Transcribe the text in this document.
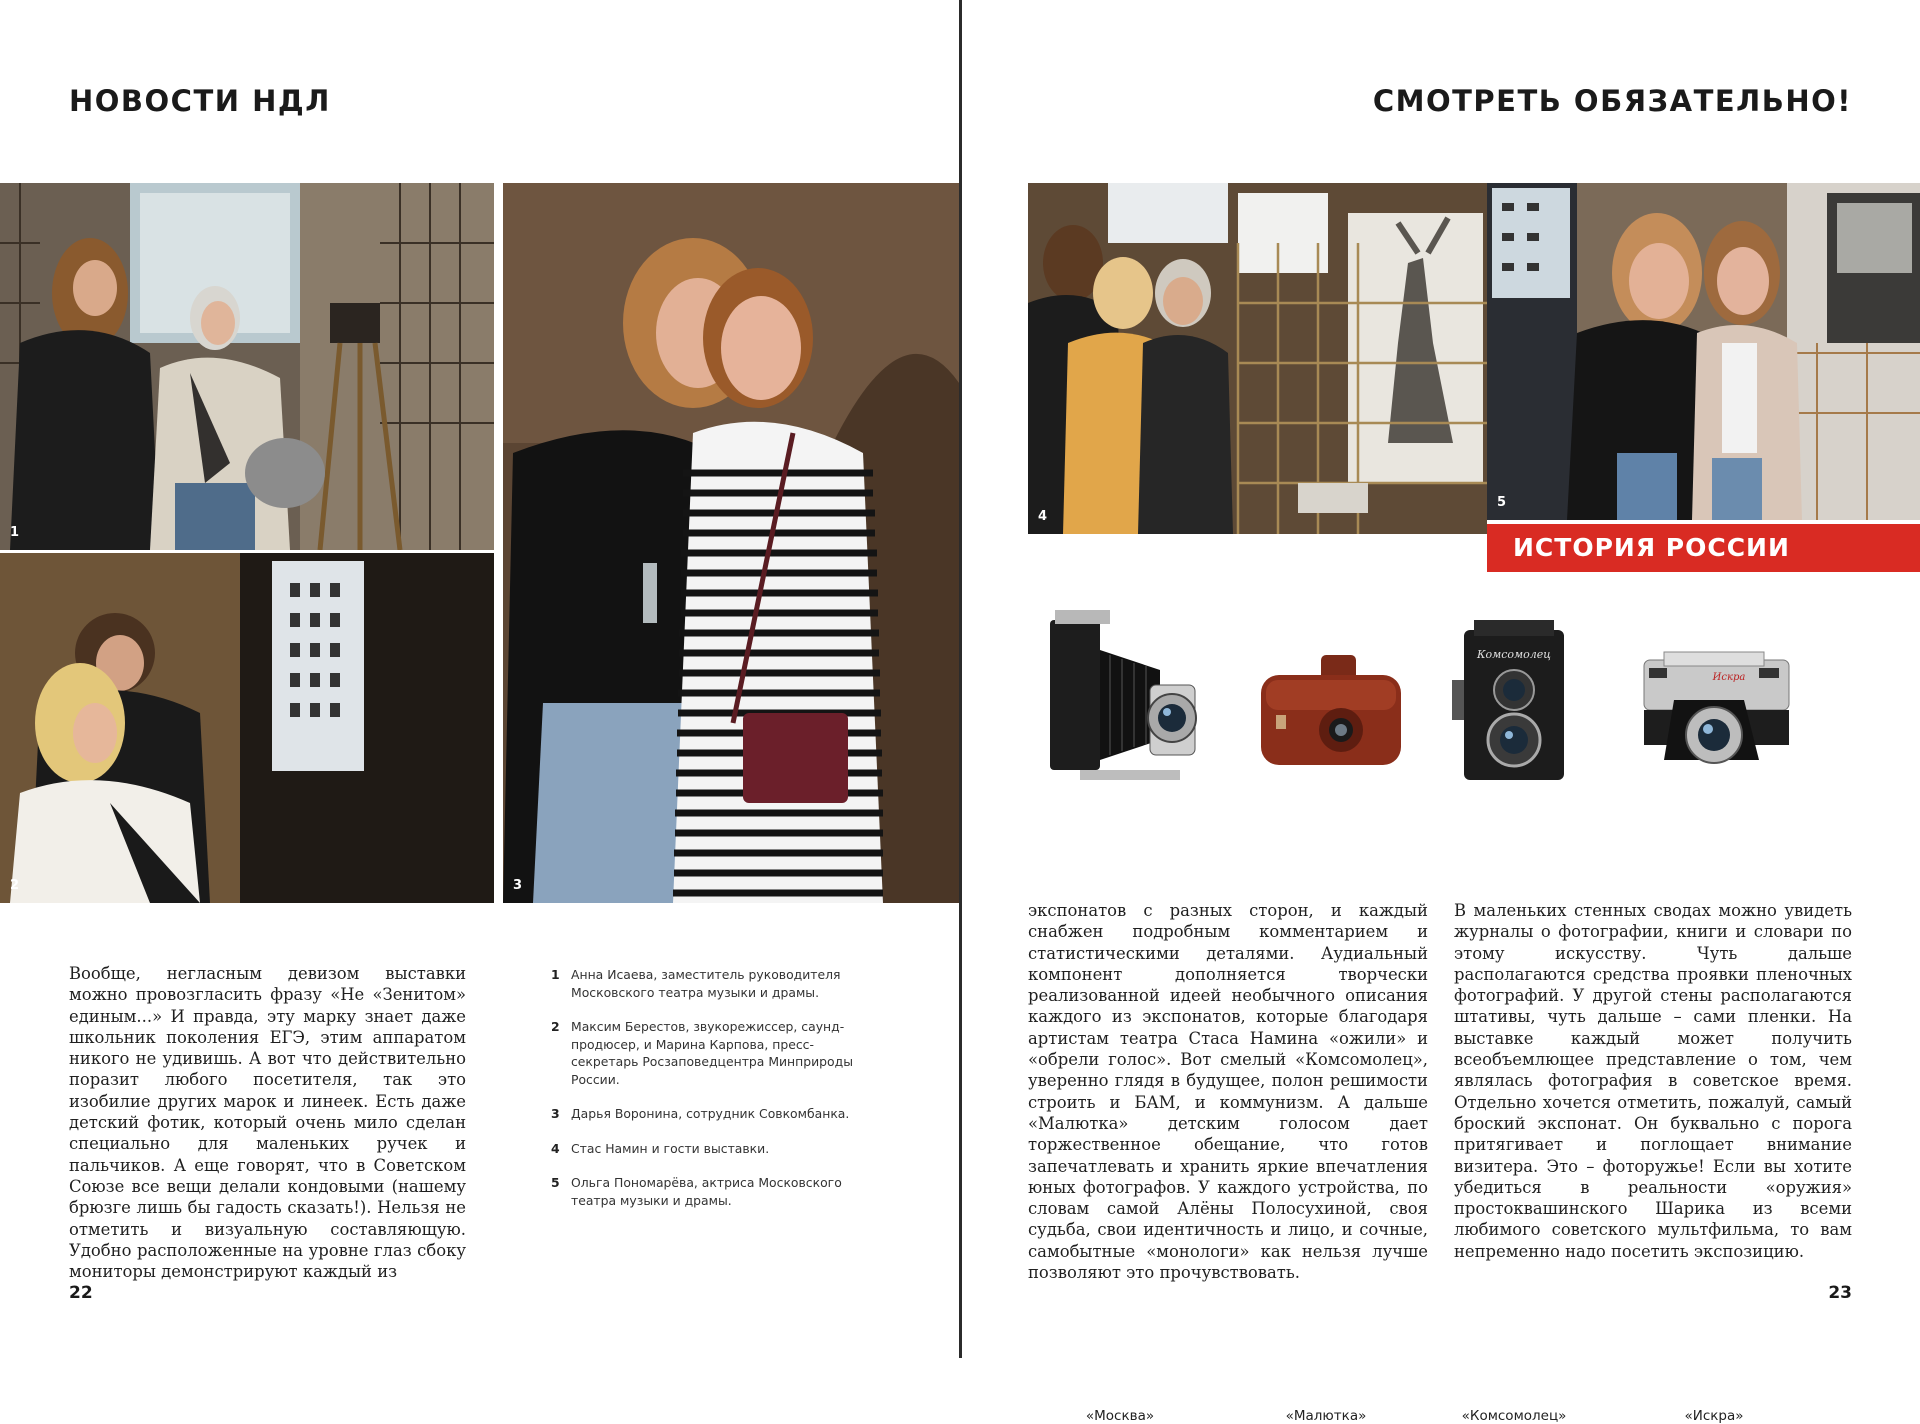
НОВОСТИ НДЛ
1
2	3

Вообще, негласным девизом выставки можно провозгласить фразу «Не «Зенитом» единым...» И правда, эту марку знает даже школьник поколения ЕГЭ, этим аппаратом никого не удивишь. А вот что действительно поразит любого посетителя, так это изобилие других марок и линеек. Есть даже детский фотик, который очень мило сделан специально для маленьких ручек и пальчиков. А еще говорят, что в Советском Союзе все вещи делали кондовыми (нашему брюзге лишь бы гадость сказать!). Нельзя не отметить и визуальную составляющую. Удобно расположенные на уровне глаз сбоку мониторы демонстрируют каждый из

1 Анна Исаева, заместитель руководителя Московского театра музыки и драмы.
2 Максим Берестов, звукорежиссер, саунд-продюсер, и Марина Карпова, пресс-секретарь Росзаповедцентра Минприроды России.
3 Дарья Воронина, сотрудник Совкомбанка.
4 Стас Намин и гости выставки.
5 Ольга Пономарёва, актриса Московского театра музыки и драмы.
22
СМОТРЕТЬ ОБЯЗАТЕЛЬНО!
4
5
ИСТОРИЯ РОССИИ
«Москва»	«Малютка»
Комсомолец
«Комсомолец»
Искра
«Искра»

экспонатов с разных сторон, и каждый снабжен подробным комментарием и статистическими деталями. Аудиальный компонент дополняется творчески реализованной идеей необычного описания каждого из экспонатов, которые благодаря артистам театра Стаса Намина «ожили» и «обрели голос». Вот смелый «Комсомолец», уверенно глядя в будущее, полон решимости строить и БАМ, и коммунизм. А дальше «Малютка» детским голосом дает торжественное обещание, что готов запечатлевать и хранить яркие впечатления юных фотографов. У каждого устройства, по словам самой Алёны Полосухиной, своя судьба, свои идентичность и лицо, и сочные, самобытные «монологи» как нельзя лучше позволяют это прочувствовать.

В маленьких стенных сводах можно увидеть журналы о фотографии, книги и словари по этому искусству. Чуть дальше располагаются средства проявки пленочных фотографий. У другой стены располагаются штативы, чуть дальше – сами пленки. На выставке каждый может получить всеобъемлющее представление о том, чем являлась фотография в советское время. Отдельно хочется отметить, пожалуй, самый броский экспонат. Он буквально с порога притягивает и поглощает внимание визитера. Это – фоторужье! Если вы хотите убедиться в реальности «оружия» простоквашинского Шарика из всеми любимого советского мультфильма, то вам непременно надо посетить экспозицию.

23
